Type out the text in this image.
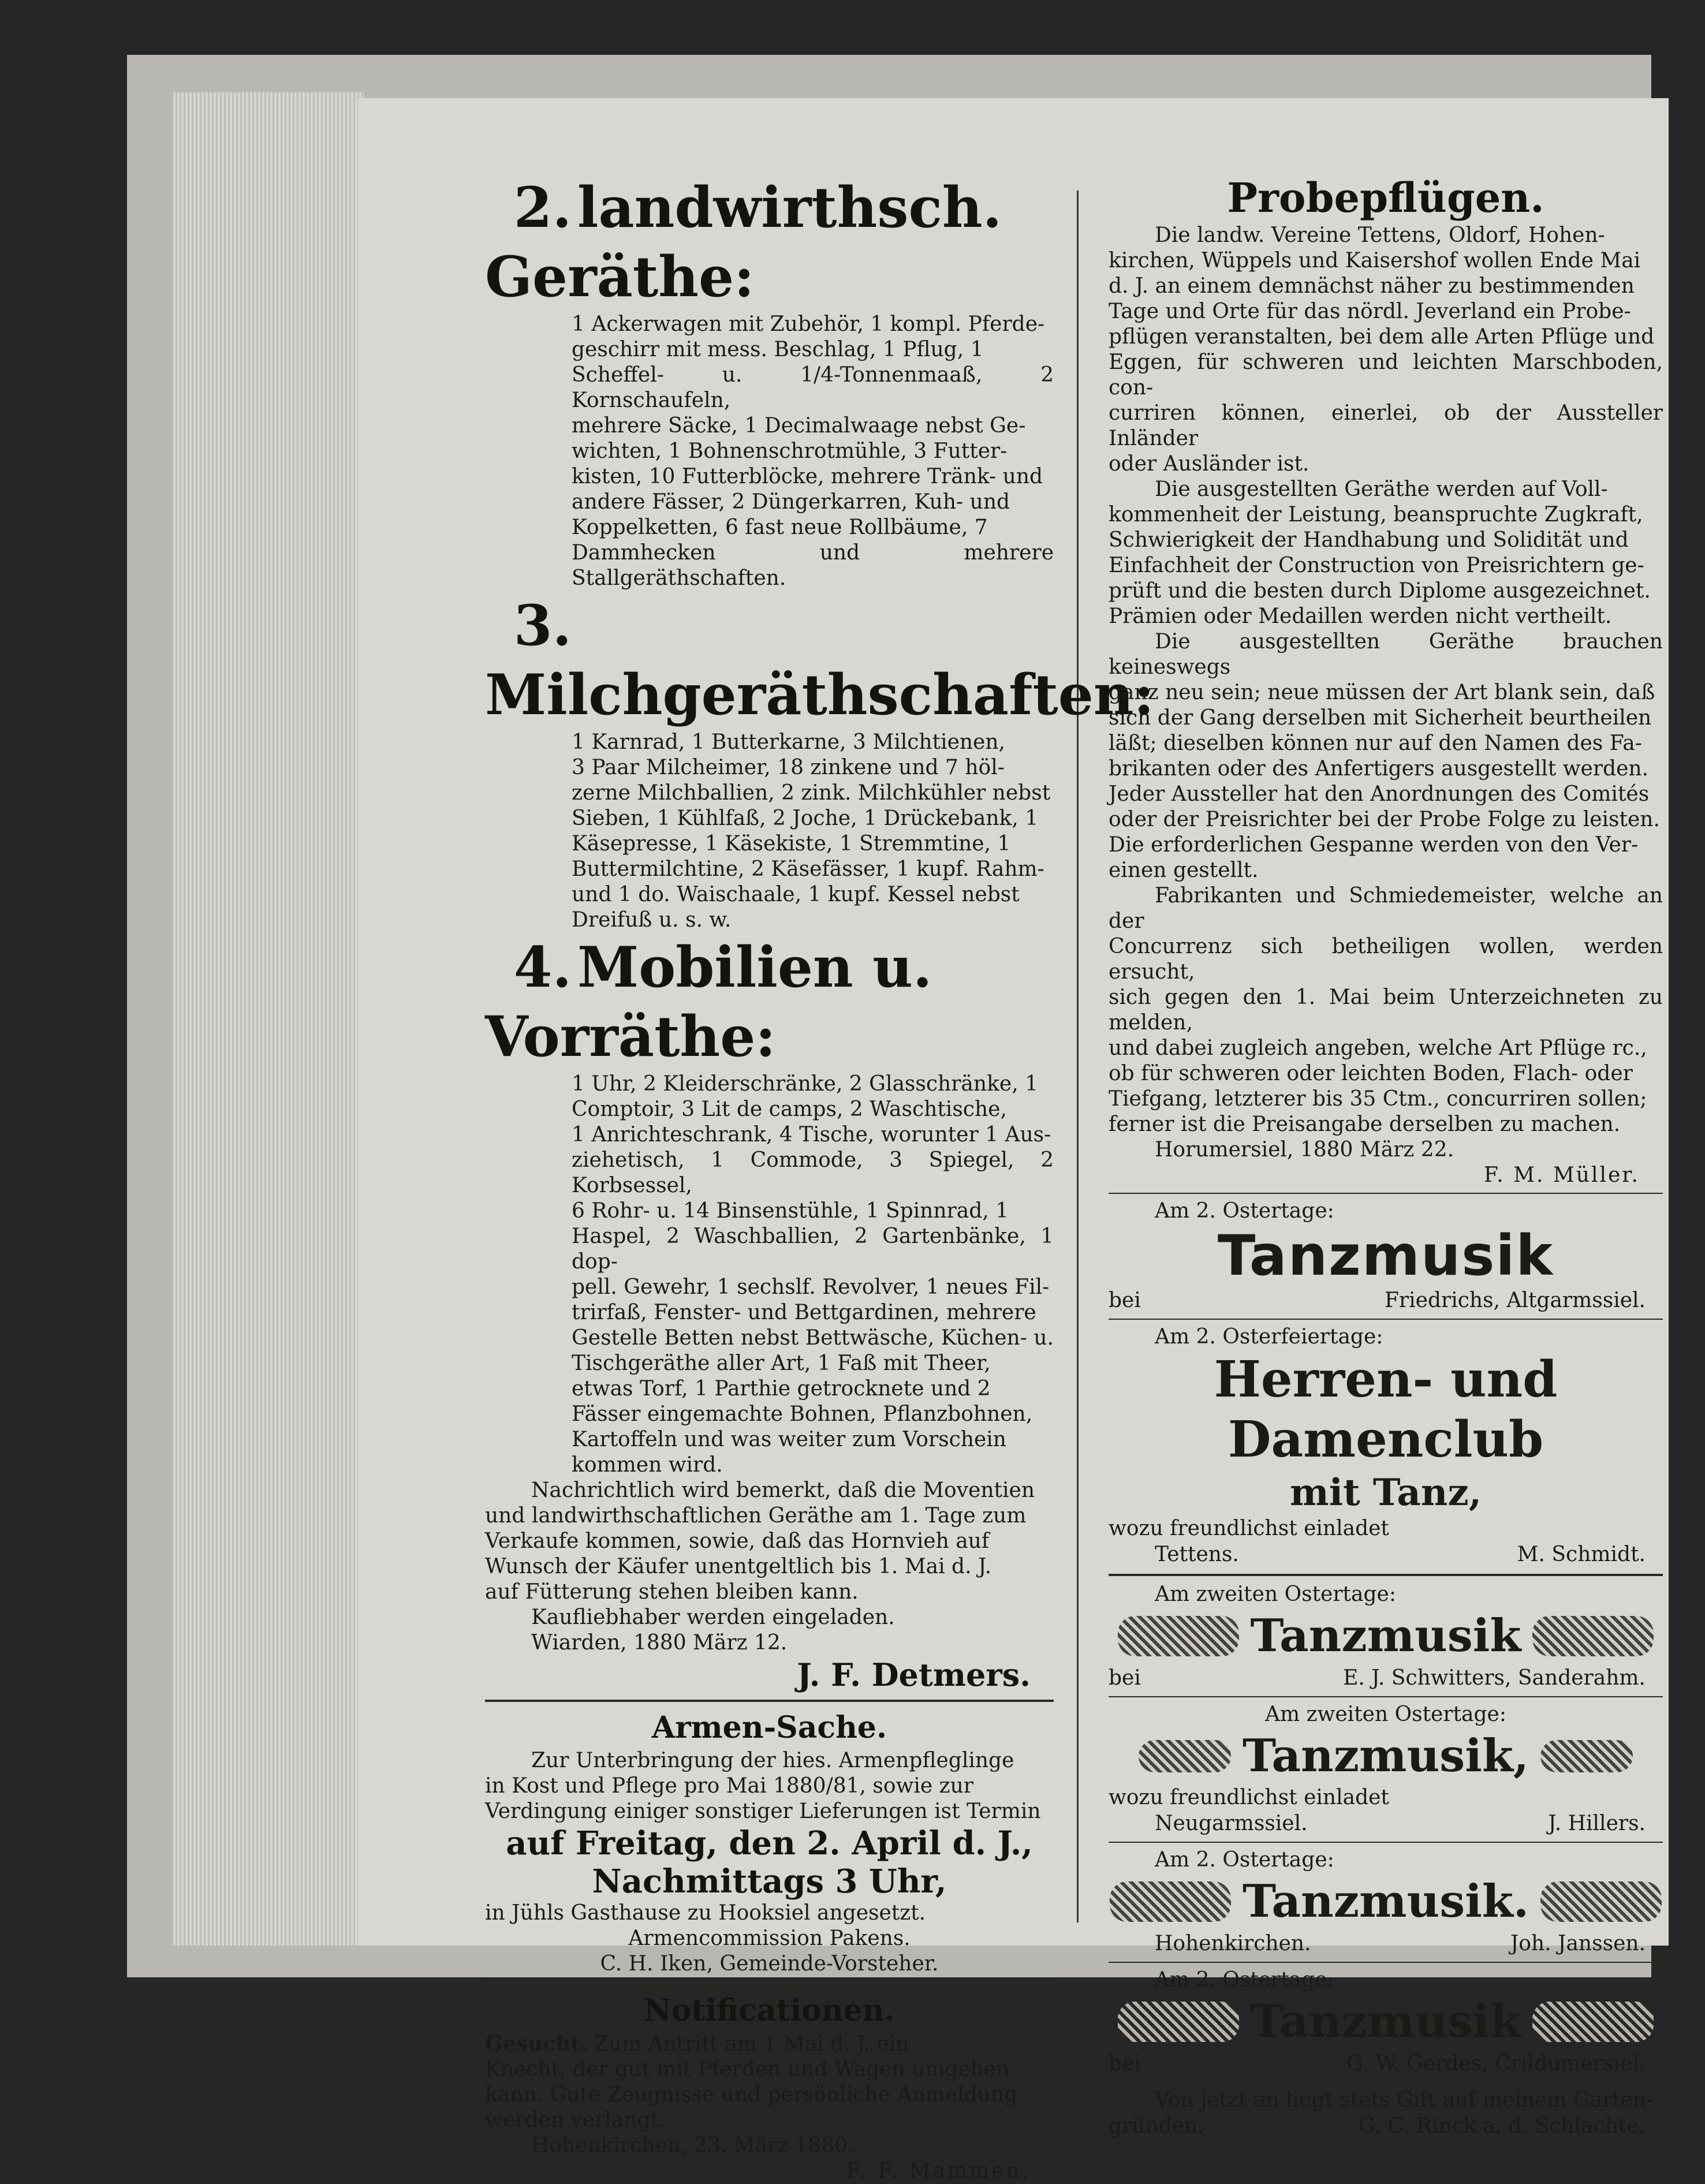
2. landwirthsch. Geräthe:
1 Ackerwagen mit Zubehör, 1 kompl. Pferde-
geschirr mit mess. Beschlag, 1 Pflug, 1
Scheffel- u. 1/4-Tonnenmaaß, 2 Kornschaufeln,
mehrere Säcke, 1 Decimalwaage nebst Ge-
wichten, 1 Bohnenschrotmühle, 3 Futter-
kisten, 10 Futterblöcke, mehrere Tränk- und
andere Fässer, 2 Düngerkarren, Kuh- und
Koppelketten, 6 fast neue Rollbäume, 7
Dammhecken und mehrere Stallgeräthschaften.
3.Milchgeräthschaften:
1 Karnrad, 1 Butterkarne, 3 Milchtienen,
3 Paar Milcheimer, 18 zinkene und 7 höl-
zerne Milchballien, 2 zink. Milchkühler nebst
Sieben, 1 Kühlfaß, 2 Joche, 1 Drückebank, 1
Käsepresse, 1 Käsekiste, 1 Stremmtine, 1
Buttermilchtine, 2 Käsefässer, 1 kupf. Rahm-
und 1 do. Waischaale, 1 kupf. Kessel nebst
Dreifuß u. s. w.
4. Mobilien u. Vorräthe:
1 Uhr, 2 Kleiderschränke, 2 Glasschränke, 1
Comptoir, 3 Lit de camps, 2 Waschtische,
1 Anrichteschrank, 4 Tische, worunter 1 Aus-
ziehetisch, 1 Commode, 3 Spiegel, 2 Korbsessel,
6 Rohr- u. 14 Binsenstühle, 1 Spinnrad, 1
Haspel, 2 Waschballien, 2 Gartenbänke, 1 dop-
pell. Gewehr, 1 sechslf. Revolver, 1 neues Fil-
trirfaß, Fenster- und Bettgardinen, mehrere
Gestelle Betten nebst Bettwäsche, Küchen- u.
Tischgeräthe aller Art, 1 Faß mit Theer,
etwas Torf, 1 Parthie getrocknete und 2
Fässer eingemachte Bohnen, Pflanzbohnen,
Kartoffeln und was weiter zum Vorschein
kommen wird.
Nachrichtlich wird bemerkt, daß die Moventien
und landwirthschaftlichen Geräthe am 1. Tage zum
Verkaufe kommen, sowie, daß das Hornvieh auf
Wunsch der Käufer unentgeltlich bis 1. Mai d. J.
auf Fütterung stehen bleiben kann.
Kaufliebhaber werden eingeladen.
Wiarden, 1880 März 12.
J. F. Detmers.
Armen-Sache.
Zur Unterbringung der hies. Armenpfleglinge
in Kost und Pflege pro Mai 1880/81, sowie zur
Verdingung einiger sonstiger Lieferungen ist Termin
auf Freitag, den 2. April d. J.,
Nachmittags 3 Uhr,
in Jühls Gasthause zu Hooksiel angesetzt.
Armencommission Pakens.
C. H. Iken, Gemeinde-Vorsteher.
Notificationen.
Gesucht. Zum Antritt am 1 Mai d. J. ein
Knecht, der gut mit Pferden und Wagen umgehen
kann. Gute Zeugnisse und persönliche Anmeldung
werden verlangt.
Hohenkirchen, 23. März 1880.
F. F. Mammen.
Probepflügen.
Die landw. Vereine Tettens, Oldorf, Hohen-
kirchen, Wüppels und Kaisershof wollen Ende Mai
d. J. an einem demnächst näher zu bestimmenden
Tage und Orte für das nördl. Jeverland ein Probe-
pflügen veranstalten, bei dem alle Arten Pflüge und
Eggen, für schweren und leichten Marschboden, con-
curriren können, einerlei, ob der Aussteller Inländer
oder Ausländer ist.
Die ausgestellten Geräthe werden auf Voll-
kommenheit der Leistung, beanspruchte Zugkraft,
Schwierigkeit der Handhabung und Solidität und
Einfachheit der Construction von Preisrichtern ge-
prüft und die besten durch Diplome ausgezeichnet.
Prämien oder Medaillen werden nicht vertheilt.
Die ausgestellten Geräthe brauchen keineswegs
ganz neu sein; neue müssen der Art blank sein, daß
sich der Gang derselben mit Sicherheit beurtheilen
läßt; dieselben können nur auf den Namen des Fa-
brikanten oder des Anfertigers ausgestellt werden.
Jeder Aussteller hat den Anordnungen des Comités
oder der Preisrichter bei der Probe Folge zu leisten.
Die erforderlichen Gespanne werden von den Ver-
einen gestellt.
Fabrikanten und Schmiedemeister, welche an der
Concurrenz sich betheiligen wollen, werden ersucht,
sich gegen den 1. Mai beim Unterzeichneten zu melden,
und dabei zugleich angeben, welche Art Pflüge rc.,
ob für schweren oder leichten Boden, Flach- oder
Tiefgang, letzterer bis 35 Ctm., concurriren sollen;
ferner ist die Preisangabe derselben zu machen.
Horumersiel, 1880 März 22.
F. M. Müller.
Am 2. Ostertage:
Tanzmusik
bei	Friedrichs, Altgarmssiel.
Am 2. Osterfeiertage:
Herren- und Damenclub
mit Tanz,
wozu freundlichst einladet
Tettens.	M. Schmidt.
Am zweiten Ostertage:
Tanzmusik
bei	E. J. Schwitters, Sanderahm.
Am zweiten Ostertage:
Tanzmusik,
wozu freundlichst einladet
Neugarmssiel.	J. Hillers.
Am 2. Ostertage:
Tanzmusik.
Hohenkirchen.	Joh. Janssen.
Am 2. Ostertage:
Tanzmusik
bei	G. W. Gerdes, Crildumersiel.
Von jetzt an liegt stets Gift auf meinem Garten-
gründen.	G. C. Rinck a. d. Schlachte.
